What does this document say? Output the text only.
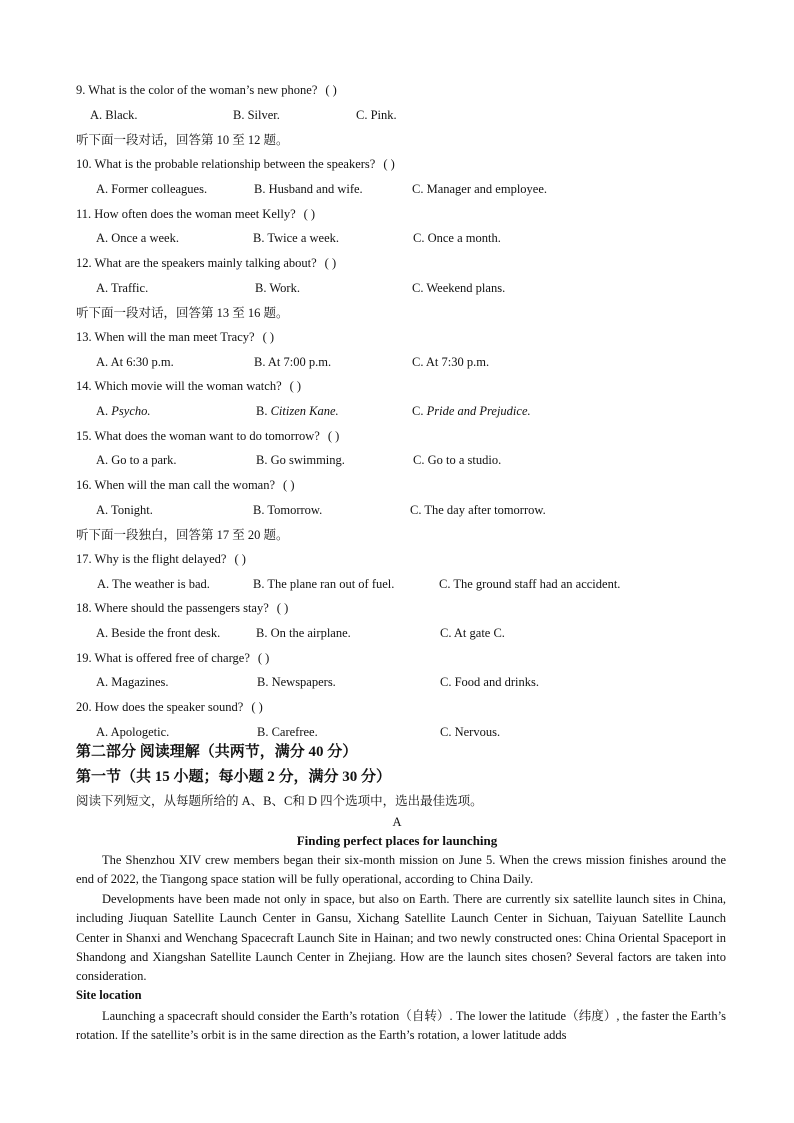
9. What is the color of the woman’s new phone? ( )
A. Black.	B. Silver.	C. Pink.
听下面一段对话，回答第 10 至 12 题。
10. What is the probable relationship between the speakers? ( )
A. Former colleagues.	B. Husband and wife.	C. Manager and employee.
11. How often does the woman meet Kelly? ( )
A. Once a week.	B. Twice a week.	C. Once a month.
12. What are the speakers mainly talking about? ( )
A. Traffic.	B. Work.	C. Weekend plans.
听下面一段对话，回答第 13 至 16 题。
13. When will the man meet Tracy? ( )
A. At 6:30 p.m.	B. At 7:00 p.m.	C. At 7:30 p.m.
14. Which movie will the woman watch? ( )
A. Psycho.	B. Citizen Kane.	C. Pride and Prejudice.
15. What does the woman want to do tomorrow? ( )
A. Go to a park.	B. Go swimming.	C. Go to a studio.
16. When will the man call the woman? ( )
A. Tonight.	B. Tomorrow.	C. The day after tomorrow.
听下面一段独白，回答第 17 至 20 题。
17. Why is the flight delayed? ( )
A. The weather is bad.	B. The plane ran out of fuel.	C. The ground staff had an accident.
18. Where should the passengers stay? ( )
A. Beside the front desk.	B. On the airplane.	C. At gate C.
19. What is offered free of charge? ( )
A. Magazines.	B. Newspapers.	C. Food and drinks.
20. How does the speaker sound? ( )
A. Apologetic.	B. Carefree.	C. Nervous.
第二部分 阅读理解（共两节，满分 40 分）
第一节（共 15 小题；每小题 2 分，满分 30 分）
阅读下列短文，从每题所给的 A、B、C和 D 四个选项中，选出最佳选项。
A
Finding perfect places for launching

The Shenzhou XIV crew members began their six-month mission on June 5. When the crews mission finishes around the end of 2022, the Tiangong space station will be fully operational, according to China Daily.

Developments have been made not only in space, but also on Earth. There are currently six satellite launch sites in China, including Jiuquan Satellite Launch Center in Gansu, Xichang Satellite Launch Center in Sichuan, Taiyuan Satellite Launch Center in Shanxi and Wenchang Spacecraft Launch Site in Hainan; and two newly constructed ones: China Oriental Spaceport in Shandong and Xiangshan Satellite Launch Center in Zhejiang. How are the launch sites chosen? Several factors are taken into consideration.

Site location

Launching a spacecraft should consider the Earth’s rotation（自转）. The lower the latitude（纬度）, the faster the Earth’s rotation. If the satellite’s orbit is in the same direction as the Earth’s rotation, a lower latitude adds
